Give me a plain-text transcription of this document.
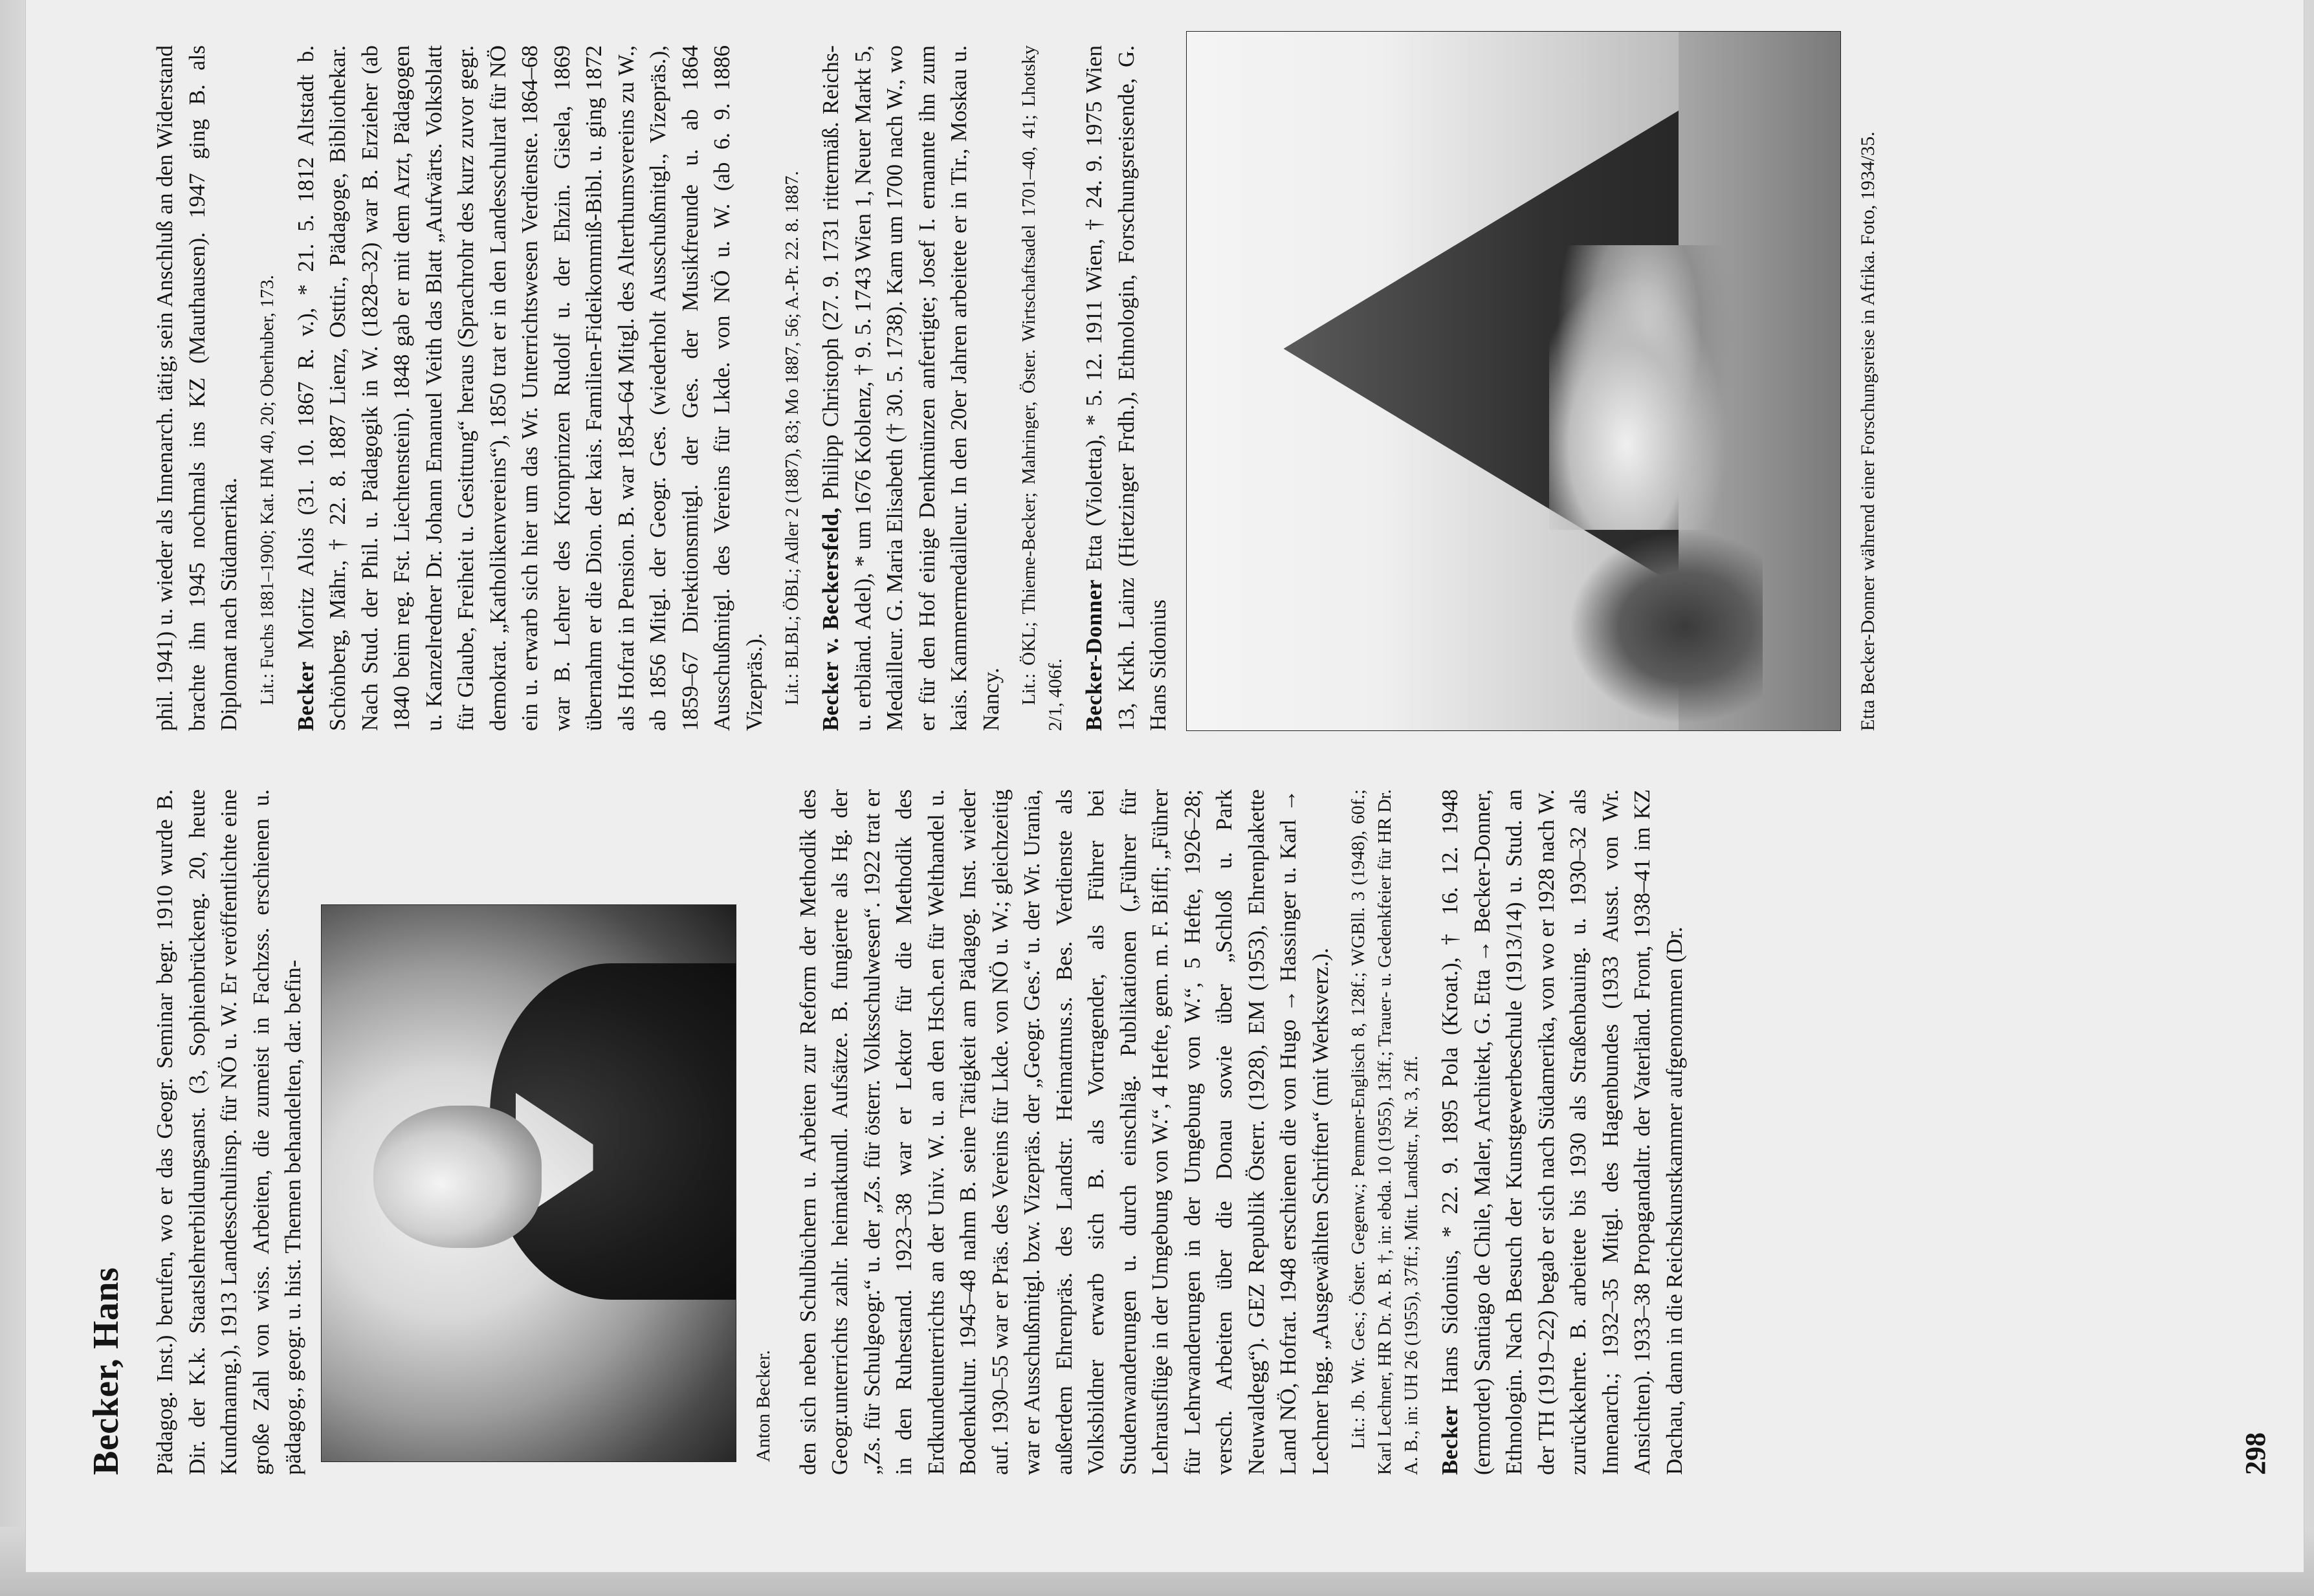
Becker, Hans Pädagog. Inst.) berufen, wo er das Geogr. Seminar begr. 1910 wurde B. Dir. der K.k. Staatslehrerbildungsanst. (3, Sophienbrückeng. 20, heute Kundmanng.), 1913 Landesschulinsp. für NÖ u. W. Er veröffentlichte eine große Zahl von wiss. Arbeiten, die zumeist in Fachzss. erschienen u. pädagog., geogr. u. hist. Themen behandelten, dar. befin-	Anton Becker. den sich neben Schulbüchern u. Arbeiten zur Reform der Methodik des Geogr.unterrichts zahlr. heimatkundl. Aufsätze. B. fungierte als Hg. der „Zs. für Schulgeogr.“ u. der „Zs. für österr. Volksschulwesen“. 1922 trat er in den Ruhestand. 1923–38 war er Lektor für die Methodik des Erdkundeunterrichts an der Univ. W. u. an den Hsch.en für Welthandel u. Bodenkultur. 1945–48 nahm B. seine Tätigkeit am Pädagog. Inst. wieder auf. 1930–55 war er Präs. des Vereins für Lkde. von NÖ u. W.; gleichzeitig war er Ausschußmitgl. bzw. Vizepräs. der „Geogr. Ges.“ u. der Wr. Urania, außerdem Ehrenpräs. des Landstr. Heimatmus.s. Bes. Verdienste als Volksbildner erwarb sich B. als Vortragender, als Führer bei Studenwanderungen u. durch einschläg. Publikationen („Führer für Lehrausflüge in der Umgebung von W.“, 4 Hefte, gem. m. F. Biffl; „Führer für Lehrwanderungen in der Umgebung von W.“, 5 Hefte, 1926–28; versch. Arbeiten über die Donau sowie über „Schloß u. Park Neuwaldegg“). GEZ Republik Österr. (1928), EM (1953), Ehrenplakette Land NÖ, Hofrat. 1948 erschienen die von Hugo → Hassinger u. Karl → Lechner hgg. „Ausgewählten Schriften“ (mit Werksverz.). Lit.: Jb. Wr. Ges.; Öster. Gegenw.; Pemmer-Englisch 8, 128f.; WGBll. 3 (1948), 60f.; Karl Lechner, HR Dr. A. B. †, in: ebda. 10 (1955), 13ff.; Trauer- u. Gedenkfeier für HR Dr. A. B., in: UH 26 (1955), 37ff.; Mitt. Landstr., Nr. 3, 2ff. Becker Hans Sidonius, * 22. 9. 1895 Pola (Kroat.), † 16. 12. 1948 (ermordet) Santiago de Chile, Maler, Architekt, G. Etta → Becker-Donner, Ethnologin. Nach Besuch der Kunstgewerbeschule (1913/14) u. Stud. an der TH (1919–22) begab er sich nach Südamerika, von wo er 1928 nach W. zurückkehrte. B. arbeitete bis 1930 als Straßenbauing. u. 1930–32 als Innenarch.; 1932–35 Mitgl. des Hagenbundes (1933 Ausst. von Wr. Ansichten). 1933–38 Propagandaltr. der Vaterländ. Front, 1938–41 im KZ Dachau, dann in die Reichskunstkammer aufgenommen (Dr.

phil. 1941) u. wieder als Innenarch. tätig; sein Anschluß an den Widerstand brachte ihn 1945 nochmals ins KZ (Mauthausen). 1947 ging B. als Diplomat nach Südamerika. Lit.: Fuchs 1881–1900; Kat. HM 40, 20; Oberhuber, 173. Becker Moritz Alois (31. 10. 1867 R. v.), * 21. 5. 1812 Altstadt b. Schönberg, Mähr., † 22. 8. 1887 Lienz, Osttir., Pädagoge, Bibliothekar. Nach Stud. der Phil. u. Pädagogik in W. (1828–32) war B. Erzieher (ab 1840 beim reg. Fst. Liechtenstein). 1848 gab er mit dem Arzt, Pädagogen u. Kanzelredner Dr. Johann Emanuel Veith das Blatt „Aufwärts. Volksblatt für Glaube, Freiheit u. Gesittung“ heraus (Sprachrohr des kurz zuvor gegr. demokrat. „Katholikenvereins“), 1850 trat er in den Landesschulrat für NÖ ein u. erwarb sich hier um das Wr. Unterrichtswesen Verdienste. 1864–68 war B. Lehrer des Kronprinzen Rudolf u. der Ehzin. Gisela, 1869 übernahm er die Dion. der kais. Familien-Fideikommiß-Bibl. u. ging 1872 als Hofrat in Pension. B. war 1854–64 Mitgl. des Alterthumsvereins zu W., ab 1856 Mitgl. der Geogr. Ges. (wiederholt Ausschußmitgl., Vizepräs.), 1859–67 Direktionsmitgl. der Ges. der Musikfreunde u. ab 1864 Ausschußmitgl. des Vereins für Lkde. von NÖ u. W. (ab 6. 9. 1886 Vizepräs.). Lit.: BLBL; ÖBL; Adler 2 (1887), 83; Mo 1887, 56; A.-Pr. 22. 8. 1887. Becker v. Beckersfeld, Philipp Christoph (27. 9. 1731 ritterm​äß. Reichs- u. erbländ. Adel), * um 1676 Koblenz, † 9. 5. 1743 Wien 1, Neuer Markt 5, Medailleur. G. Maria Elisabeth († 30. 5. 1738). Kam um 1700 nach W., wo er für den Hof einige Denkmünzen anfertigte; Josef I. ernannte ihn zum kais. Kammermedailleur. In den 20er Jahren arbeitete er in Tir., Moskau u. Nancy. Lit.: ÖKL; Thieme-Becker; Mahringer, Öster. Wirtschaftsadel 1701–40, 41; Lhotsky 2/1, 406f. Becker-Donner Etta (Violetta), * 5. 12. 1911 Wien, † 24. 9. 1975 Wien 13, Krkh. Lainz (Hietzinger Frdh.), Ethnologin, Forschungsreisende, G. Hans Sidonius	Etta Becker-Donner während einer Forschungsreise in Afrika. Foto, 1934/35.
298
